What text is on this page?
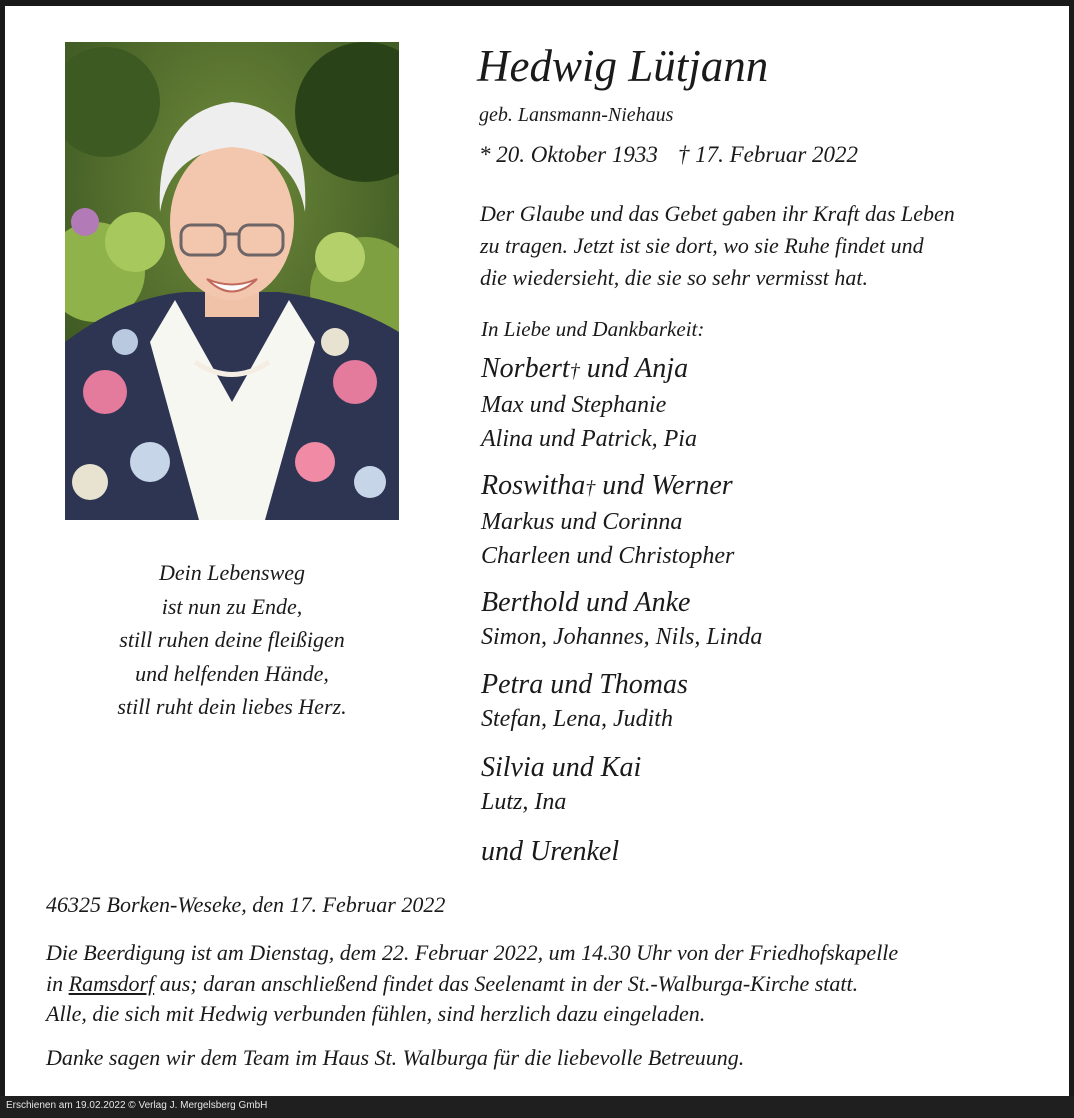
Hedwig Lütjann
geb. Lansmann-Niehaus
* 20. Oktober 1933 † 17. Februar 2022
Der Glaube und das Gebet gaben ihr Kraft das Leben
zu tragen. Jetzt ist sie dort, wo sie Ruhe findet und
die wiedersieht, die sie so sehr vermisst hat.
In Liebe und Dankbarkeit:
Norbert† und Anja
Max und Stephanie
Alina und Patrick, Pia
Roswitha† und Werner
Markus und Corinna
Charleen und Christopher
Berthold und Anke
Simon, Johannes, Nils, Linda
Petra und Thomas
Stefan, Lena, Judith
Silvia und Kai
Lutz, Ina
und Urenkel
Dein Lebensweg
ist nun zu Ende,
still ruhen deine fleißigen
und helfenden Hände,
still ruht dein liebes Herz.
46325 Borken-Weseke, den 17. Februar 2022
Die Beerdigung ist am Dienstag, dem 22. Februar 2022, um 14.30 Uhr von der Friedhofskapelle
in Ramsdorf aus; daran anschließend findet das Seelenamt in der St.-Walburga-Kirche statt.
Alle, die sich mit Hedwig verbunden fühlen, sind herzlich dazu eingeladen.
Danke sagen wir dem Team im Haus St. Walburga für die liebevolle Betreuung.
Erschienen am 19.02.2022 © Verlag J. Mergelsberg GmbH
